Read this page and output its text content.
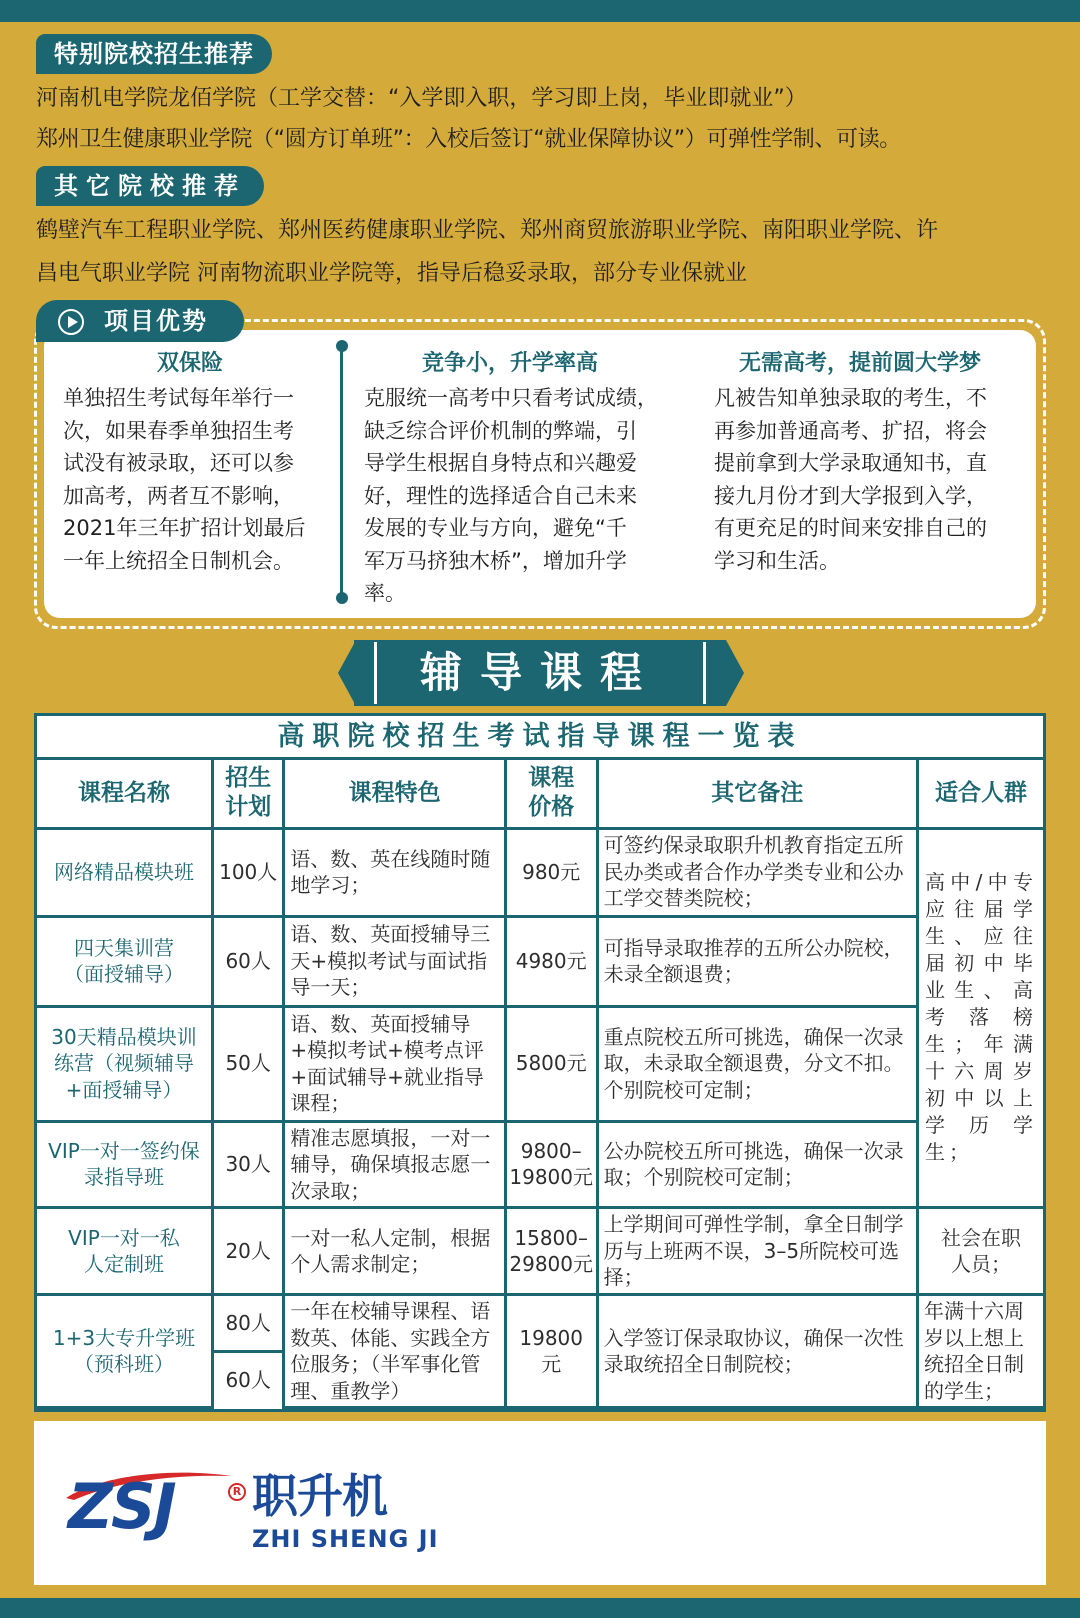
特别院校招生推荐
河南机电学院龙佰学院（工学交替：“入学即入职，学习即上岗，毕业即就业”）
郑州卫生健康职业学院（“圆方订单班”：入校后签订“就业保障协议”）可弹性学制、可读。
其它院校推荐
鹤壁汽车工程职业学院、郑州医药健康职业学院、郑州商贸旅游职业学院、南阳职业学院、许
昌电气职业学院 河南物流职业学院等，指导后稳妥录取，部分专业保就业
项目优势
双保险
单独招生考试每年举行一
次，如果春季单独招生考
试没有被录取，还可以参
加高考，两者互不影响，
2021年三年扩招计划最后
一年上统招全日制机会。
竞争小，升学率高
克服统一高考中只看考试成绩，
缺乏综合评价机制的弊端，引
导学生根据自身特点和兴趣爱
好，理性的选择适合自己未来
发展的专业与方向，避免“千
军万马挤独木桥”，增加升学
率。
无需高考，提前圆大学梦
凡被告知单独录取的考生，不
再参加普通高考、扩招，将会
提前拿到大学录取通知书，直
接九月份才到大学报到入学，
有更充足的时间来安排自己的
学习和生活。
辅导课程
高职院校招生考试指导课程一览表
课程名称	招生计划	课程特色	课程价格	其它备注	适合人群
网络精品模块班	100人	语、数、英在线随时随地学习；	980元	可签约保录取职升机教育指定五所民办类或者合作办学类专业和公办工学交替类院校；	高中/中专应往届学生、应往届初中毕业生、高考落榜生；年满十六周岁初中以上学历学生；
四天集训营（面授辅导）	60人	语、数、英面授辅导三天+模拟考试与面试指导一天；	4980元	可指导录取推荐的五所公办院校，未录全额退费；	
30天精品模块训练营（视频辅导+面授辅导）	50人	语、数、英面授辅导+模拟考试+模考点评+面试辅导+就业指导课程；	5800元	重点院校五所可挑选，确保一次录取，未录取全额退费，分文不扣。个别院校可定制；	
VIP一对一签约保录指导班	30人	精准志愿填报，一对一辅导，确保填报志愿一次录取；	9800–19800元	公办院校五所可挑选，确保一次录取；个别院校可定制；	
VIP一对一私人定制班	20人	一对一私人定制，根据个人需求制定；	15800–29800元	上学期间可弹性学制，拿全日制学历与上班两不误，3–5所院校可选择；	社会在职人员；
1+3大专升学班（预科班）	80人	一年在校辅导课程、语数英、体能、实践全方位服务；（半军事化管理、重教学）	19800元	入学签订保录取协议，确保一次性录取统招全日制院校；	年满十六周岁以上想上统招全日制的学生；
	60人				
ZSJ	R 职升机
ZHI SHENG JI
